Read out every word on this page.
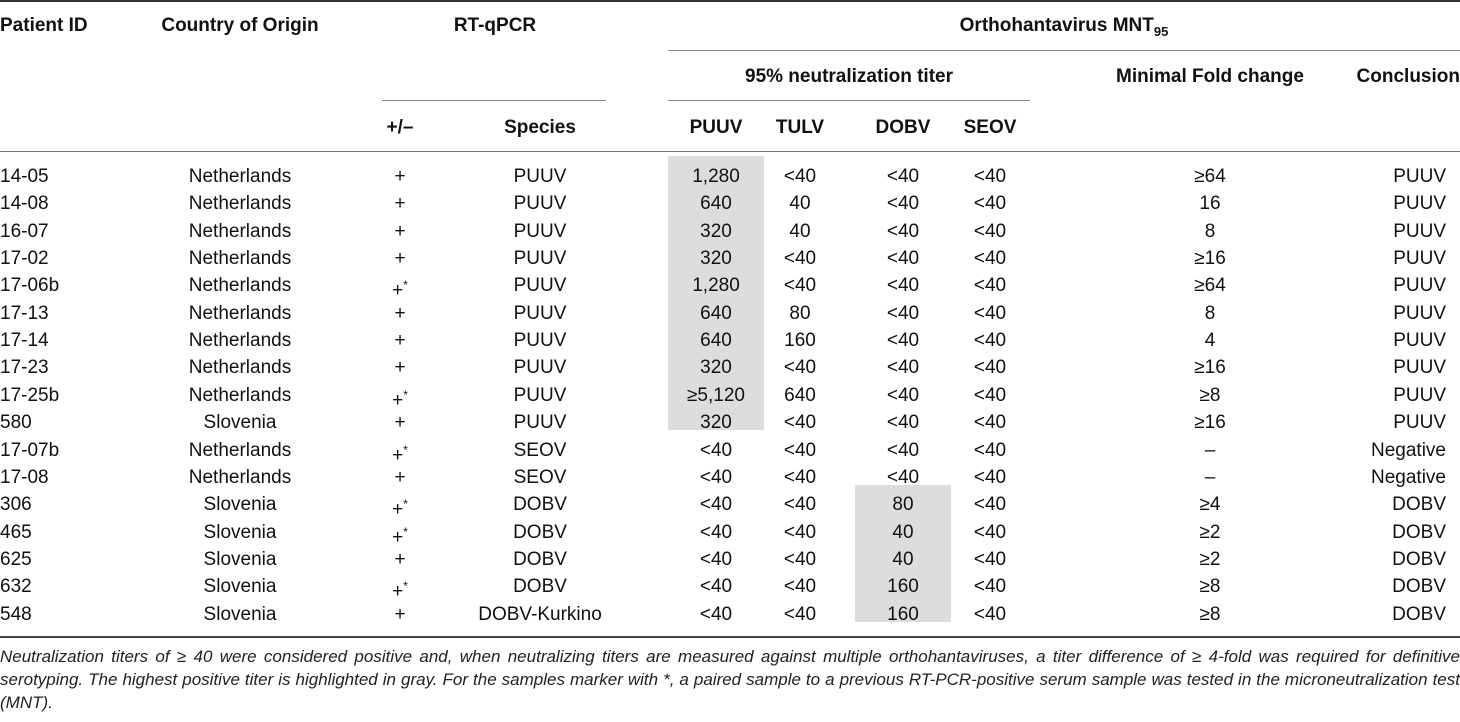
Patient ID	Country of Origin	RT-qPCR	Orthohantavirus $MNT_{95}$
95% neutralization titer	Minimal Fold change	Conclusion
+/–	Species	PUUV	TULV	DOBV	SEOV
14-05	Netherlands	+	PUUV	1,280	<40	<40	<40	≥64	PUUV
14-08	Netherlands	+	PUUV	640	40	<40	<40	16	PUUV
16-07	Netherlands	+	PUUV	320	40	<40	<40	8	PUUV
17-02	Netherlands	+	PUUV	320	<40	<40	<40	≥16	PUUV
17-06b	Netherlands	+*	PUUV	1,280	<40	<40	<40	≥64	PUUV
17-13	Netherlands	+	PUUV	640	80	<40	<40	8	PUUV
17-14	Netherlands	+	PUUV	640	160	<40	<40	4	PUUV
17-23	Netherlands	+	PUUV	320	<40	<40	<40	≥16	PUUV
17-25b	Netherlands	+*	PUUV	≥5,120	640	<40	<40	≥8	PUUV
580	Slovenia	+	PUUV	320	<40	<40	<40	≥16	PUUV
17-07b	Netherlands	+*	SEOV	<40	<40	<40	<40	–	Negative
17-08	Netherlands	+	SEOV	<40	<40	<40	<40	–	Negative
306	Slovenia	+*	DOBV	<40	<40	80	<40	≥4	DOBV
465	Slovenia	+*	DOBV	<40	<40	40	<40	≥2	DOBV
625	Slovenia	+	DOBV	<40	<40	40	<40	≥2	DOBV
632	Slovenia	+*	DOBV	<40	<40	160	<40	≥8	DOBV
548	Slovenia	+	DOBV-Kurkino	<40	<40	160	<40	≥8	DOBV
Neutralization titers of ≥ 40 were considered positive and, when neutralizing titers are measured against multiple orthohantaviruses, a titer difference of ≥ 4-fold was required for definitive serotyping. The highest positive titer is highlighted in gray. For the samples marker with *, a paired sample to a previous RT-PCR-positive serum sample was tested in the microneutralization test (MNT).
